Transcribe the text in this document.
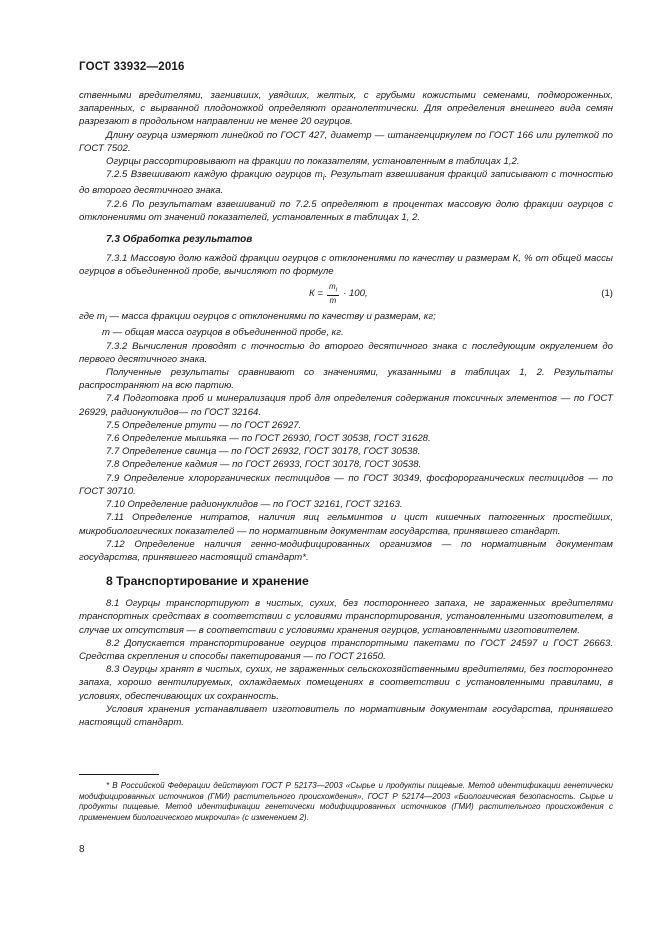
ГОСТ 33932—2016

ственными вредителями, загнивших, увядших, желтых, с грубыми кожистыми семенами, подмороженных, запаренных, с вырванной плодоножкой определяют органолептически. Для определения внешнего вида семян разрезают в продольном направлении не менее 20 огурцов.

Длину огурца измеряют линейкой по ГОСТ 427, диаметр — штангенциркулем по ГОСТ 166 или рулеткой по ГОСТ 7502.

Огурцы рассортировывают на фракции по показателям, установленным в таблицах 1,2.

7.2.5 Взвешивают каждую фракцию огурцов $m_i$. Результат взвешивания фракций записывают с точностью до второго десятичного знака.

7.2.6 По результатам взвешиваний по 7.2.5 определяют в процентах массовую долю фракции огурцов с отклонениями от значений показателей, установленных в таблицах 1, 2.

7.3 Обработка результатов

7.3.1 Массовую долю каждой фракции огурцов с отклонениями по качеству и размерам К, % от общей массы огурцов в объединенной пробе, вычисляют по формуле

$К = \frac{m_i}{m} \cdot 100$,	(1)

где $m_i$ — масса фракции огурцов с отклонениями по качеству и размерам, кг;

m — общая масса огурцов в объединенной пробе, кг.

7.3.2 Вычисления проводят с точностью до второго десятичного знака с последующим округлением до первого десятичного знака.

Полученные результаты сравнивают со значениями, указанными в таблицах 1, 2. Результаты распространяют на всю партию.

7.4 Подготовка проб и минерализация проб для определения содержания токсичных элементов — по ГОСТ 26929, радионуклидов— по ГОСТ 32164.

7.5 Определение ртути — по ГОСТ 26927.

7.6 Определение мышьяка — по ГОСТ 26930, ГОСТ 30538, ГОСТ 31628.

7.7 Определение свинца — по ГОСТ 26932, ГОСТ 30178, ГОСТ 30538.

7.8 Определение кадмия — по ГОСТ 26933, ГОСТ 30178, ГОСТ 30538.

7.9 Определение хлорорганических пестицидов — по ГОСТ 30349, фосфорорганических пестицидов — по ГОСТ 30710.

7.10 Определение радионуклидов — по ГОСТ 32161, ГОСТ 32163.

7.11 Определение нитратов, наличия яиц гельминтов и цист кишечных патогенных простейших, микробиологических показателей — по нормативным документам государства, принявшего стандарт.

7.12 Определение наличия генно-модифицированных организмов — по нормативным документам государства, принявшего настоящий стандарт*.

8 Транспортирование и хранение

8.1 Огурцы транспортируют в чистых, сухих, без постороннего запаха, не зараженных вредителями транспортных средствах в соответствии с условиями транспортирования, установленными изготовителем, в случае их отсутствия — в соответствии с условиями хранения огурцов, установленными изготовителем.

8.2 Допускается транспортирование огурцов транспортными пакетами по ГОСТ 24597 и ГОСТ 26663. Средства скрепления и способы пакетирования — по ГОСТ 21650.

8.3 Огурцы хранят в чистых, сухих, не зараженных сельскохозяйственными вредителями, без постороннего запаха, хорошо вентилируемых, охлаждаемых помещениях в соответствии с установленными правилами, в условиях, обеспечивающих их сохранность.

Условия хранения устанавливает изготовитель по нормативным документам государства, принявшего настоящий стандарт.

* В Российской Федерации действуют ГОСТ Р 52173—2003 «Сырье и продукты пищевые. Метод идентификации генетически модифицированных источников (ГМИ) растительного происхождения», ГОСТ Р 52174—2003 «Биологическая безопасность. Сырье и продукты пищевые. Метод идентификации генетически модифицированных источников (ГМИ) растительного происхождения с применением биологического микрочипа» (с изменением 2).

8
